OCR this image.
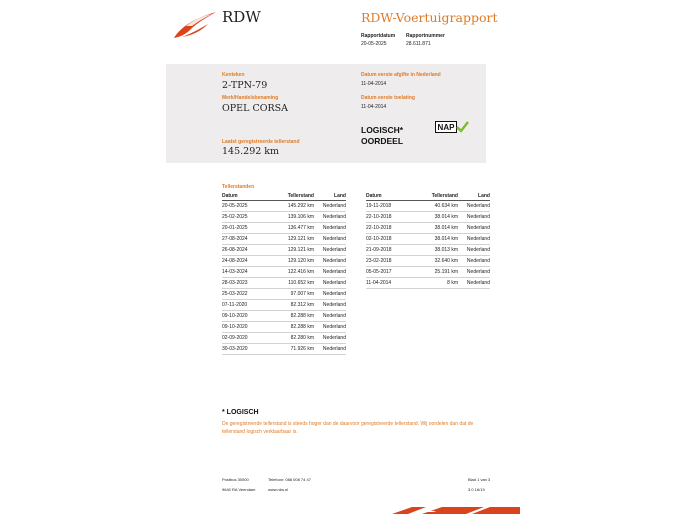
RDW	RDW-Voertuigrapport
Rapportdatum
20-05-2025
Rapportnummer
28.611.871
Kenteken
2-TPN-79
Merk/Handelsbenaming
OPEL CORSA
Laatst geregistreerde tellerstand
145.292 km
Datum eerste afgifte in Nederland
11-04-2014
Datum eerste toelating
11-04-2014
LOGISCH*
OORDEEL
NAP
Tellerstanden
Datum	Tellerstand	Land
20-05-2025	145.292 km	Nederland
25-02-2025	139.106 km	Nederland
20-01-2025	136.477 km	Nederland
27-08-2024	129.121 km	Nederland
26-08-2024	129.121 km	Nederland
24-08-2024	129.120 km	Nederland
14-03-2024	122.416 km	Nederland
28-03-2023	110.652 km	Nederland
25-03-2022	97.007 km	Nederland
07-11-2020	82.312 km	Nederland
09-10-2020	82.288 km	Nederland
09-10-2020	82.288 km	Nederland
02-09-2020	82.280 km	Nederland
30-03-2020	71.926 km	Nederland
Datum	Tellerstand	Land
19-11-2018	40.634 km	Nederland
22-10-2018	38.014 km	Nederland
22-10-2018	38.014 km	Nederland
02-10-2018	38.014 km	Nederland
21-09-2018	38.013 km	Nederland
23-02-2018	32.640 km	Nederland
05-05-2017	25.191 km	Nederland
11-04-2014	8 km	Nederland
* LOGISCH
De geregistreerde tellerstand is steeds hoger dan de daarvoor geregistreerde tellerstand. Wij oordelen dan dat de tellerstand logisch verklaarbaar is.
Postbus 30000
9640 RA Veendam
Telefoon: 088 008 74 47
www.rdw.nl
Blad 1 van 3
3.0 16/19
